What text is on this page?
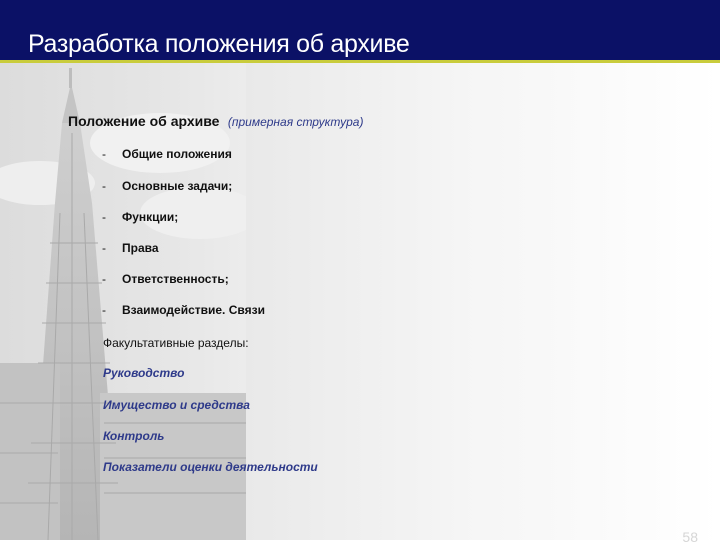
Разработка положения об архиве
Положение об архиве (примерная структура)
- Общие положения
- Основные задачи;
- Функции;
- Права
- Ответственность;
- Взаимодействие. Связи
Факультативные разделы:
Руководство
Имущество и средства
Контроль
Показатели оценки деятельности
58
